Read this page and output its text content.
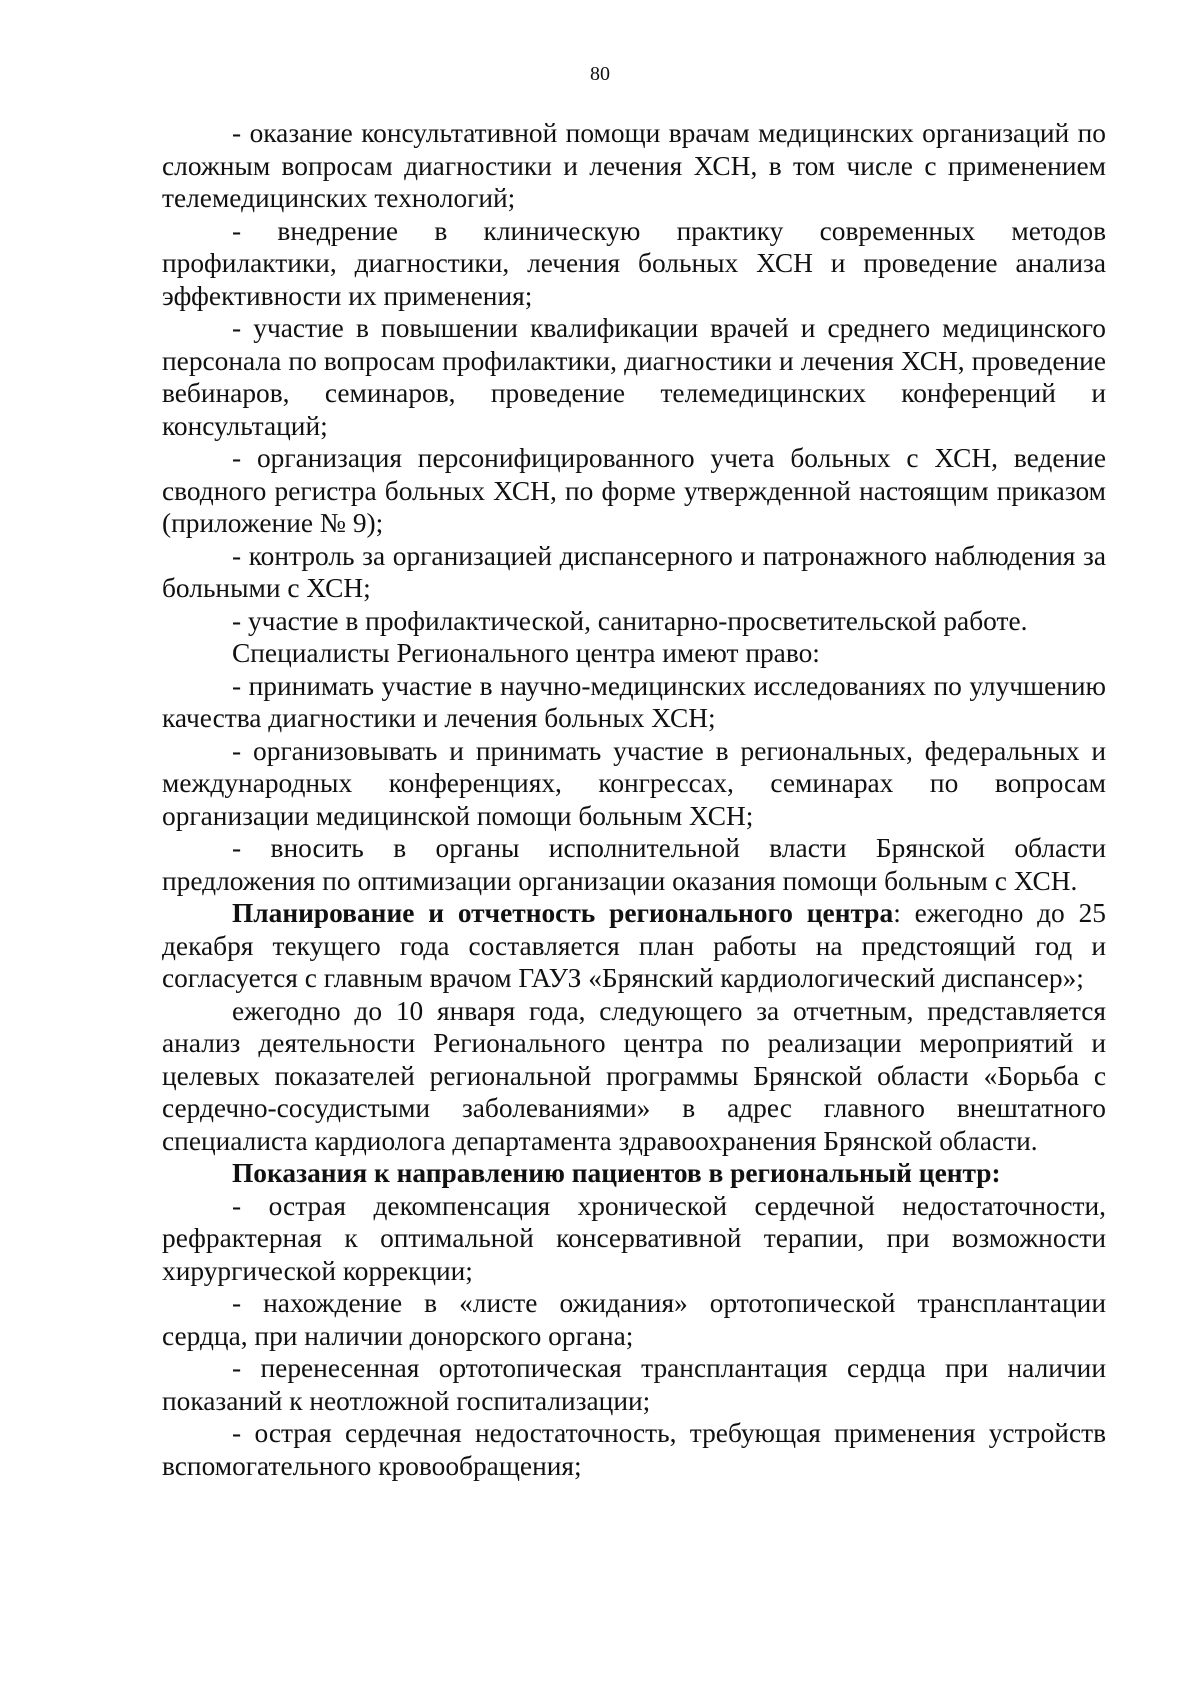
80

- оказание консультативной помощи врачам медицинских организаций по сложным вопросам диагностики и лечения ХСН, в том числе с применением телемедицинских технологий;

- внедрение в клиническую практику современных методов профилактики, диагностики, лечения больных ХСН и проведение анализа эффективности их применения;

- участие в повышении квалификации врачей и среднего медицинского персонала по вопросам профилактики, диагностики и лечения ХСН, проведение вебинаров, семинаров, проведение телемедицинских конференций и консультаций;

- организация персонифицированного учета больных с ХСН, ведение сводного регистра больных ХСН, по форме утвержденной настоящим приказом (приложение № 9);

- контроль за организацией диспансерного и патронажного наблюдения за больными с ХСН;

- участие в профилактической, санитарно-просветительской работе.

Специалисты Регионального центра имеют право:

- принимать участие в научно-медицинских исследованиях по улучшению качества диагностики и лечения больных ХСН;

- организовывать и принимать участие в региональных, федеральных и международных конференциях, конгрессах, семинарах по вопросам организации медицинской помощи больным ХСН;

- вносить в органы исполнительной власти Брянской области предложения по оптимизации организации оказания помощи больным с ХСН.

Планирование и отчетность регионального центра: ежегодно до 25 декабря текущего года составляется план работы на предстоящий год и согласуется с главным врачом ГАУЗ «Брянский кардиологический диспансер»;

ежегодно до 10 января года, следующего за отчетным, представляется анализ деятельности Регионального центра по реализации мероприятий и целевых показателей региональной программы Брянской области «Борьба с сердечно-сосудистыми заболеваниями» в адрес главного внештатного специалиста кардиолога департамента здравоохранения Брянской области.

Показания к направлению пациентов в региональный центр:

- острая декомпенсация хронической сердечной недостаточности, рефрактерная к оптимальной консервативной терапии, при возможности хирургической коррекции;

- нахождение в «листе ожидания» ортотопической трансплантации сердца, при наличии донорского органа;

- перенесенная ортотопическая трансплантация сердца при наличии показаний к неотложной госпитализации;

- острая сердечная недостаточность, требующая применения устройств вспомогательного кровообращения;
